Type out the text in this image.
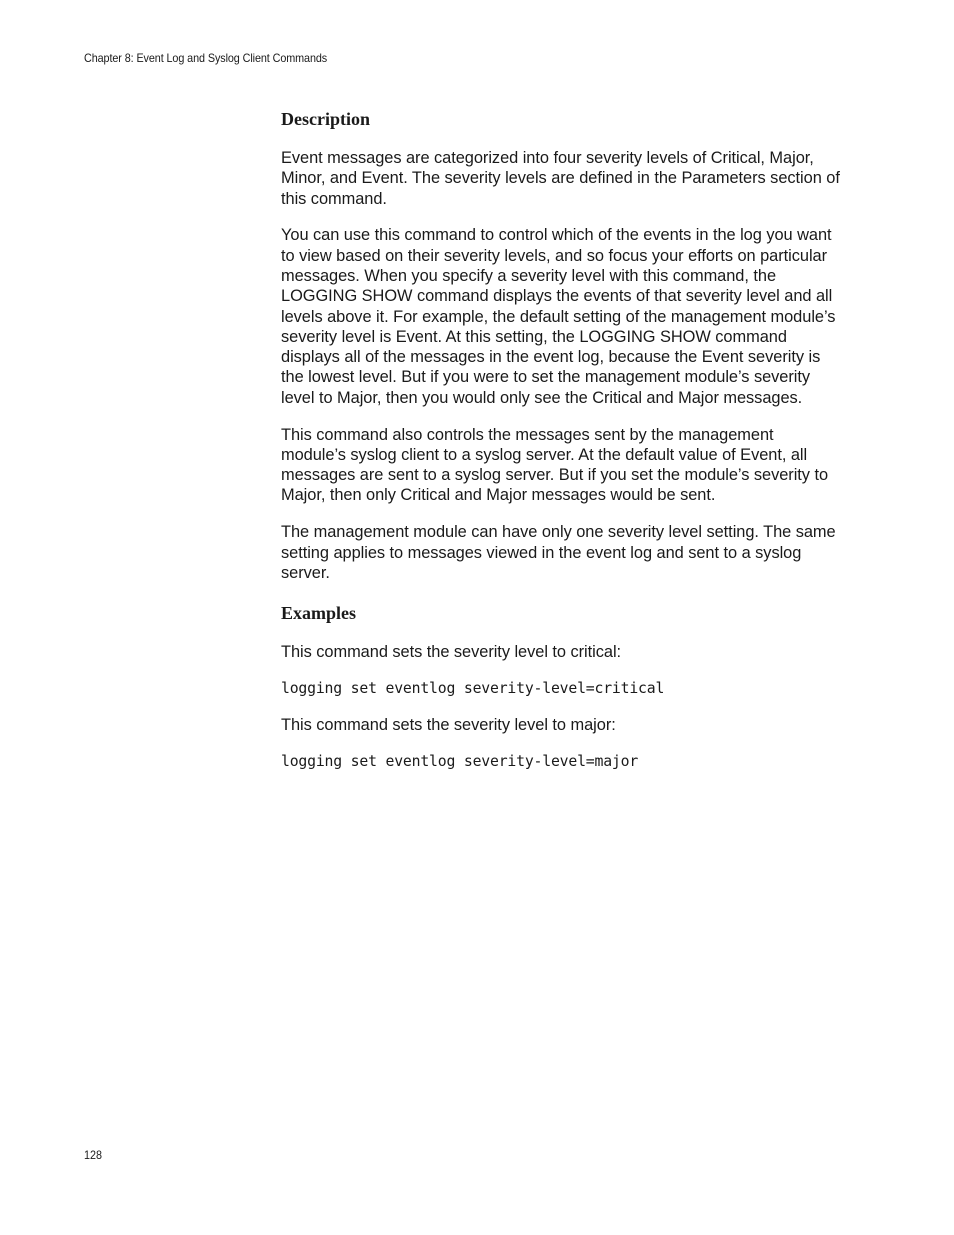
Chapter 8: Event Log and Syslog Client Commands
Description

Event messages are categorized into four severity levels of Critical, Major, Minor, and Event. The severity levels are defined in the Parameters section of this command.

You can use this command to control which of the events in the log you want to view based on their severity levels, and so focus your efforts on particular messages. When you specify a severity level with this command, the LOGGING SHOW command displays the events of that severity level and all levels above it. For example, the default setting of the management module’s severity level is Event. At this setting, the LOGGING SHOW command displays all of the messages in the event log, because the Event severity is the lowest level. But if you were to set the management module’s severity level to Major, then you would only see the Critical and Major messages.

This command also controls the messages sent by the management module’s syslog client to a syslog server. At the default value of Event, all messages are sent to a syslog server. But if you set the module’s severity to Major, then only Critical and Major messages would be sent.

The management module can have only one severity level setting. The same setting applies to messages viewed in the event log and sent to a syslog server.

Examples

This command sets the severity level to critical:

logging set eventlog severity-level=critical

This command sets the severity level to major:

logging set eventlog severity-level=major

128
